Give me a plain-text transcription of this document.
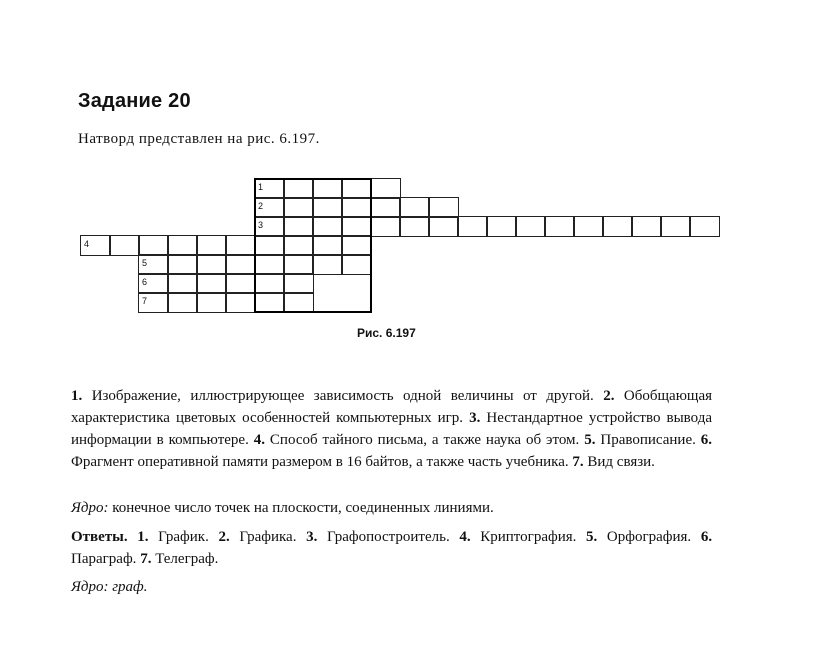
Задание 20
Натворд представлен на рис. 6.197.
1
2
3
4
5
6
7
Рис. 6.197
1. Изображение, иллюстрирующее зависимость одной величины от другой. 2. Обобщающая характеристика цветовых особенностей компьютерных игр. 3. Нестандартное устройство вывода информации в компьютере. 4. Способ тайного письма, а также наука об этом. 5. Правописание. 6. Фрагмент оперативной памяти размером в 16 байтов, а также часть учебника. 7. Вид связи.
Ядро: конечное число точек на плоскости, соединенных линиями.
Ответы. 1. График. 2. Графика. 3. Графопостроитель. 4. Криптография. 5. Орфография. 6. Параграф. 7. Телеграф.
Ядро: граф.
